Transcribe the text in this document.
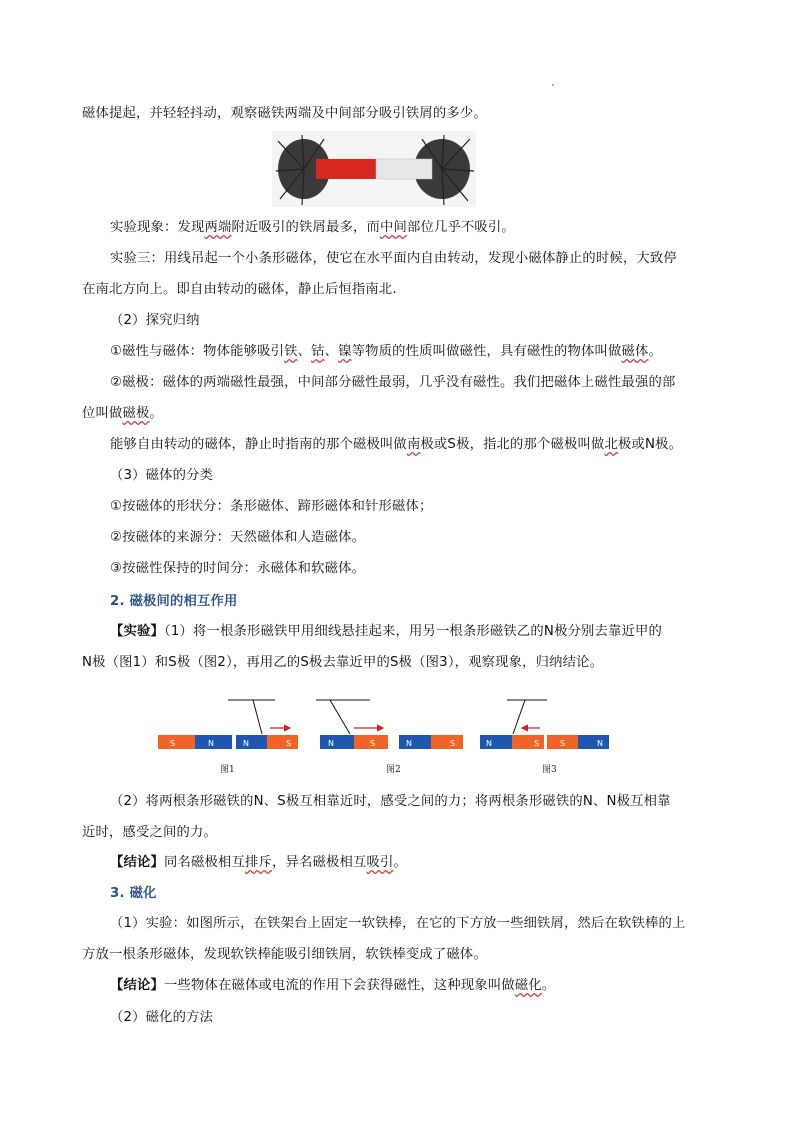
磁体提起，并轻轻抖动，观察磁铁两端及中间部分吸引铁屑的多少。
实验现象：发现两端附近吸引的铁屑最多，而中间部位几乎不吸引。
实验三：用线吊起一个小条形磁体，使它在水平面内自由转动，发现小磁体静止的时候，大致停
在南北方向上。即自由转动的磁体，静止后恒指南北.
（2）探究归纳
①磁性与磁体：物体能够吸引铁、钴、镍等物质的性质叫做磁性，具有磁性的物体叫做磁体。
②磁极：磁体的两端磁性最强，中间部分磁性最弱，几乎没有磁性。我们把磁体上磁性最强的部
位叫做磁极。
能够自由转动的磁体，静止时指南的那个磁极叫做南极或S极，指北的那个磁极叫做北极或N极。
（3）磁体的分类
①按磁体的形状分：条形磁体、蹄形磁体和针形磁体；
②按磁体的来源分：天然磁体和人造磁体。
③按磁性保持的时间分：永磁体和软磁体。
2. 磁极间的相互作用
【实验】（1）将一根条形磁铁甲用细线悬挂起来，用另一根条形磁铁乙的N极分别去靠近甲的
N极（图1）和S极（图2），再用乙的S极去靠近甲的S极（图3），观察现象，归纳结论。
S	N	N	S	N	S	N	S	N	S	S	N
图1	图2	图3
（2）将两根条形磁铁的N、S极互相靠近时，感受之间的力；将两根条形磁铁的N、N极互相靠
近时，感受之间的力。
【结论】同名磁极相互排斥，异名磁极相互吸引。
3. 磁化
（1）实验：如图所示，在铁架台上固定一软铁棒，在它的下方放一些细铁屑，然后在软铁棒的上
方放一根条形磁体，发现软铁棒能吸引细铁屑，软铁棒变成了磁体。
【结论】一些物体在磁体或电流的作用下会获得磁性，这种现象叫做磁化。
（2）磁化的方法
